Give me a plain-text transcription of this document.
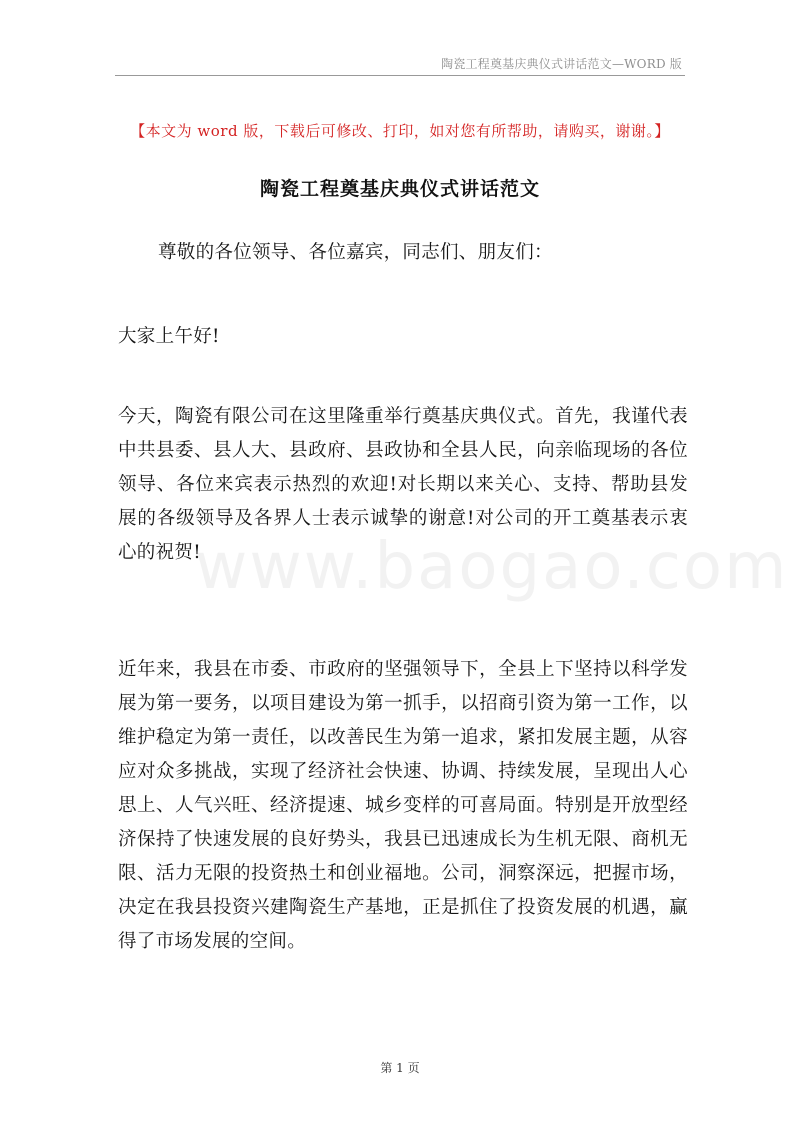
陶瓷工程奠基庆典仪式讲话范文—WORD 版
【本文为 word 版，下载后可修改、打印，如对您有所帮助，请购买，谢谢。】
陶瓷工程奠基庆典仪式讲话范文
尊敬的各位领导、各位嘉宾，同志们、朋友们：
大家上午好!

今天，陶瓷有限公司在这里隆重举行奠基庆典仪式。首先，我谨代表中共县委、县人大、县政府、县政协和全县人民，向亲临现场的各位领导、各位来宾表示热烈的欢迎!对长期以来关心、支持、帮助县发展的各级领导及各界人士表示诚挚的谢意!对公司的开工奠基表示衷心的祝贺!

近年来，我县在市委、市政府的坚强领导下，全县上下坚持以科学发展为第一要务，以项目建设为第一抓手，以招商引资为第一工作，以维护稳定为第一责任，以改善民生为第一追求，紧扣发展主题，从容应对众多挑战，实现了经济社会快速、协调、持续发展，呈现出人心思上、人气兴旺、经济提速、城乡变样的可喜局面。特别是开放型经济保持了快速发展的良好势头，我县已迅速成长为生机无限、商机无限、活力无限的投资热土和创业福地。公司，洞察深远，把握市场，决定在我县投资兴建陶瓷生产基地，正是抓住了投资发展的机遇，赢得了市场发展的空间。

www.baogao.com
第 1 页
